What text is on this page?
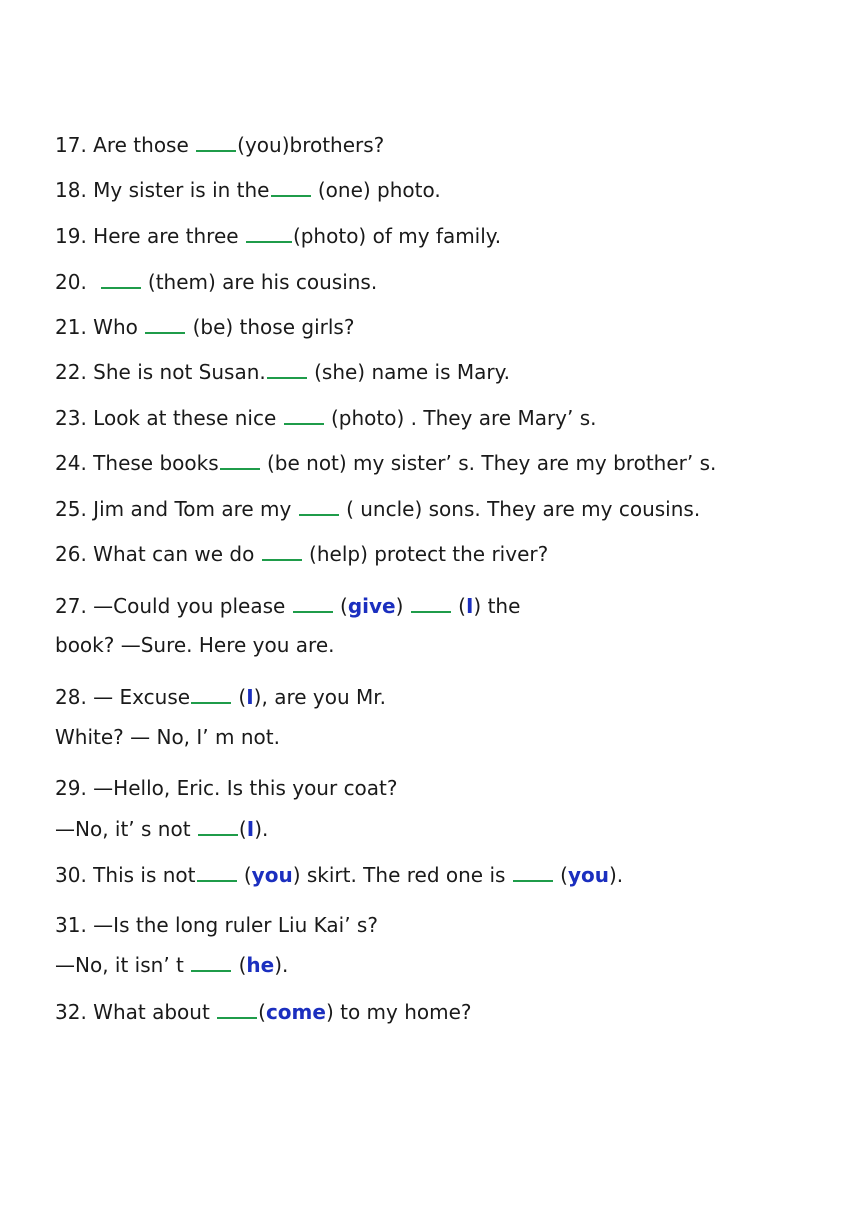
17. Are those (you)brothers?
18. My sister is in the (one) photo.
19. Here are three (photo) of my family.
20.   (them) are his cousins.
21. Who  (be) those girls?
22. She is not Susan. (she) name is Mary.
23. Look at these nice  (photo) . They are Mary’ s.
24. These books (be not) my sister’ s. They are my brother’ s.
25. Jim and Tom are my  ( uncle) sons. They are my cousins.
26. What can we do  (help) protect the river?
27. —Could you please  (give)  (I) the
book? —Sure. Here you are.
28. — Excuse (I), are you Mr.
White? — No, I’ m not.
29. —Hello, Eric. Is this your coat?
—No, it’ s not (I).
30. This is not (you) skirt. The red one is  (you).
31. —Is the long ruler Liu Kai’ s?
—No, it isn’ t  (he).
32. What about (come) to my home?
